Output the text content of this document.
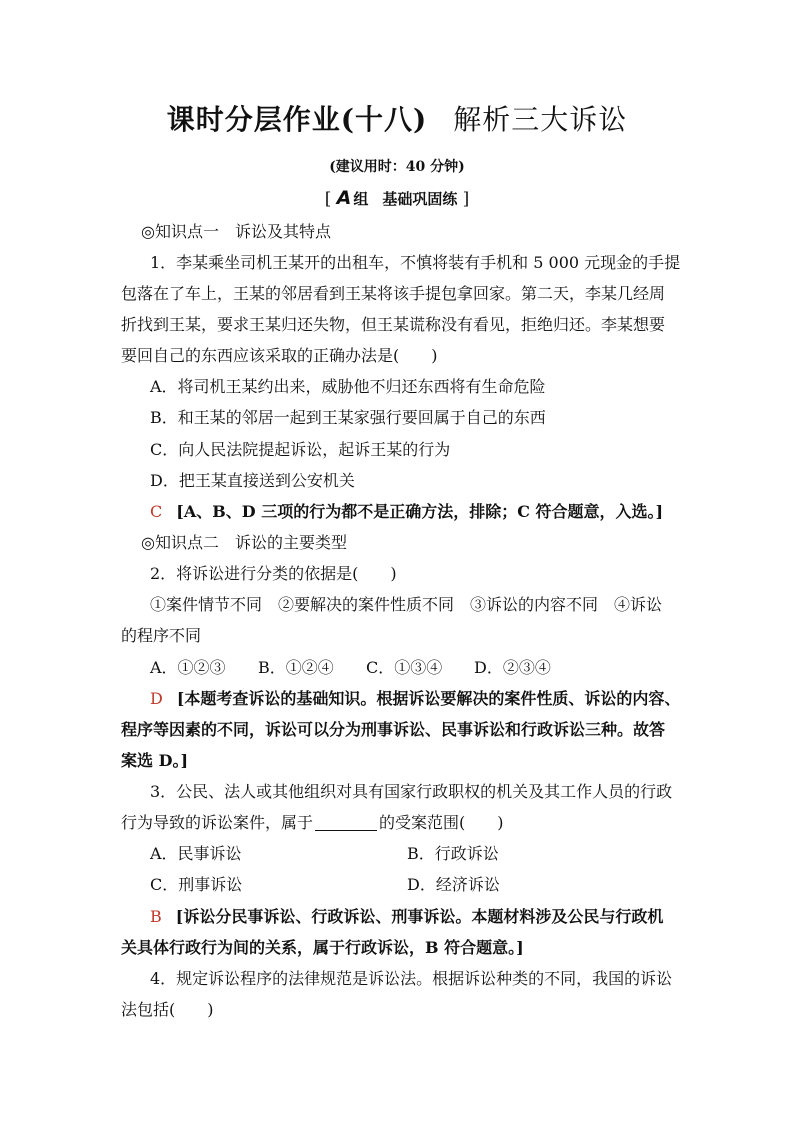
课时分层作业(十八) 解析三大诉讼
(建议用时：40 分钟)
[ A 组 基础巩固练 ]
◎知识点一　诉讼及其特点
1．李某乘坐司机王某开的出租车，不慎将装有手机和 5 000 元现金的手提
包落在了车上，王某的邻居看到王某将该手提包拿回家。第二天，李某几经周
折找到王某，要求王某归还失物，但王某谎称没有看见，拒绝归还。李某想要
要回自己的东西应该采取的正确办法是(　　)
A．将司机王某约出来，威胁他不归还东西将有生命危险
B．和王某的邻居一起到王某家强行要回属于自己的东西
C．向人民法院提起诉讼，起诉王某的行为
D．把王某直接送到公安机关
C [A、B、D 三项的行为都不是正确方法，排除；C 符合题意，入选。]
◎知识点二　诉讼的主要类型
2．将诉讼进行分类的依据是(　　)
①案件情节不同　②要解决的案件性质不同　③诉讼的内容不同　④诉讼
的程序不同
A．①②③ B．①②④ C．①③④ D．②③④
D [本题考查诉讼的基础知识。根据诉讼要解决的案件性质、诉讼的内容、
程序等因素的不同，诉讼可以分为刑事诉讼、民事诉讼和行政诉讼三种。故答
案选 D。]
3．公民、法人或其他组织对具有国家行政职权的机关及其工作人员的行政
行为导致的诉讼案件，属于	的受案范围(　　)
A．民事诉讼	B．行政诉讼
C．刑事诉讼	D．经济诉讼
B [诉讼分民事诉讼、行政诉讼、刑事诉讼。本题材料涉及公民与行政机
关具体行政行为间的关系，属于行政诉讼，B 符合题意。]
4．规定诉讼程序的法律规范是诉讼法。根据诉讼种类的不同，我国的诉讼
法包括(　　)
